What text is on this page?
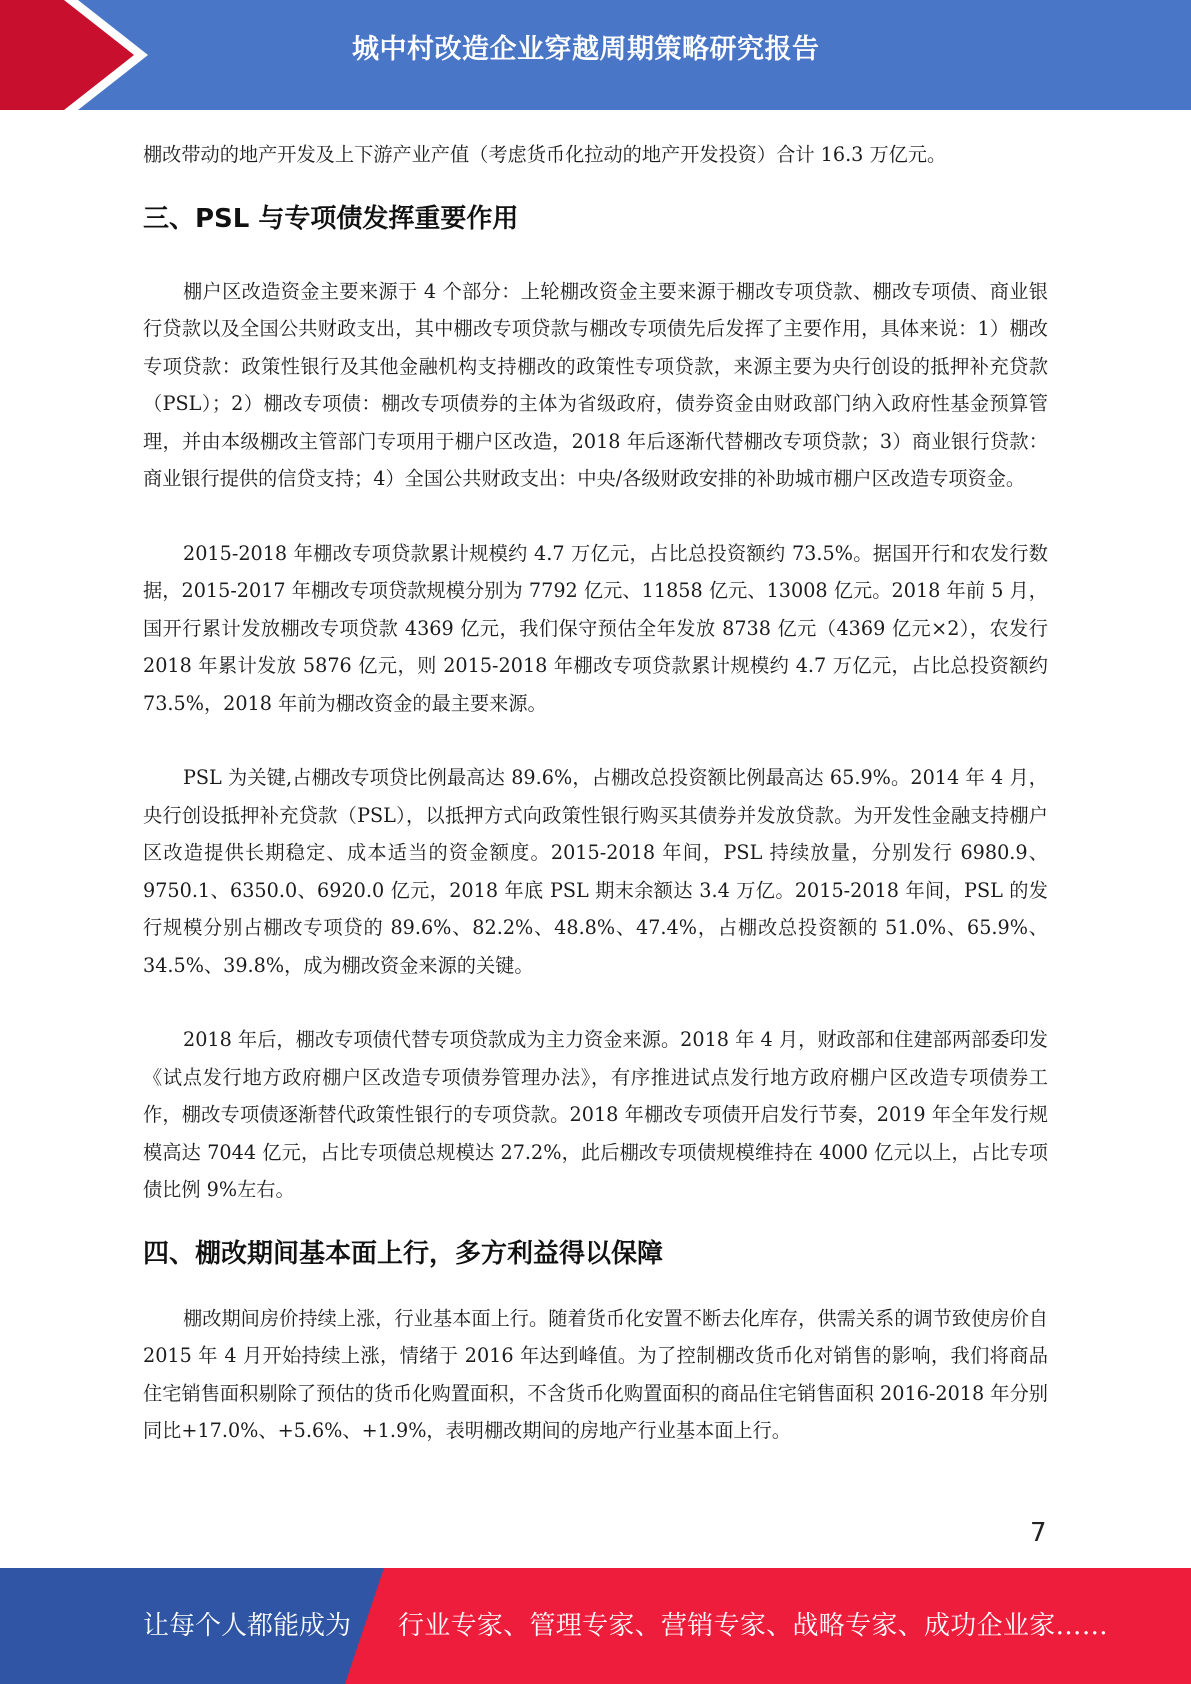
城中村改造企业穿越周期策略研究报告

棚改带动的地产开发及上下游产业产值（考虑货币化拉动的地产开发投资）合计 16.3 万亿元。

三、PSL 与专项债发挥重要作用

棚户区改造资金主要来源于 4 个部分：上轮棚改资金主要来源于棚改专项贷款、棚改专项债、商业银行贷款以及全国公共财政支出，其中棚改专项贷款与棚改专项债先后发挥了主要作用，具体来说：1）棚改专项贷款：政策性银行及其他金融机构支持棚改的政策性专项贷款，来源主要为央行创设的抵押补充贷款（PSL）；2）棚改专项债：棚改专项债券的主体为省级政府，债券资金由财政部门纳入政府性基金预算管理，并由本级棚改主管部门专项用于棚户区改造，2018 年后逐渐代替棚改专项贷款；3）商业银行贷款：商业银行提供的信贷支持；4）全国公共财政支出：中央/各级财政安排的补助城市棚户区改造专项资金。

2015-2018 年棚改专项贷款累计规模约 4.7 万亿元，占比总投资额约 73.5%。据国开行和农发行数据，2015-2017 年棚改专项贷款规模分别为 7792 亿元、11858 亿元、13008 亿元。2018 年前 5 月，国开行累计发放棚改专项贷款 4369 亿元，我们保守预估全年发放 8738 亿元（4369 亿元×2），农发行 2018 年累计发放 5876 亿元，则 2015-2018 年棚改专项贷款累计规模约 4.7 万亿元，占比总投资额约 73.5%，2018 年前为棚改资金的最主要来源。

PSL 为关键,占棚改专项贷比例最高达 89.6%，占棚改总投资额比例最高达 65.9%。2014 年 4 月，央行创设抵押补充贷款（PSL），以抵押方式向政策性银行购买其债券并发放贷款。为开发性金融支持棚户区改造提供长期稳定、成本适当的资金额度。2015-2018 年间，PSL 持续放量，分别发行 6980.9、9750.1、6350.0、6920.0 亿元，2018 年底 PSL 期末余额达 3.4 万亿。2015-2018 年间，PSL 的发行规模分别占棚改专项贷的 89.6%、82.2%、48.8%、47.4%，占棚改总投资额的 51.0%、65.9%、34.5%、39.8%，成为棚改资金来源的关键。

2018 年后，棚改专项债代替专项贷款成为主力资金来源。2018 年 4 月，财政部和住建部两部委印发《试点发行地方政府棚户区改造专项债券管理办法》，有序推进试点发行地方政府棚户区改造专项债券工作，棚改专项债逐渐替代政策性银行的专项贷款。2018 年棚改专项债开启发行节奏，2019 年全年发行规模高达 7044 亿元，占比专项债总规模达 27.2%，此后棚改专项债规模维持在 4000 亿元以上，占比专项债比例 9%左右。

四、棚改期间基本面上行，多方利益得以保障

棚改期间房价持续上涨，行业基本面上行。随着货币化安置不断去化库存，供需关系的调节致使房价自 2015 年 4 月开始持续上涨，情绪于 2016 年达到峰值。为了控制棚改货币化对销售的影响，我们将商品住宅销售面积剔除了预估的货币化购置面积，不含货币化购置面积的商品住宅销售面积 2016-2018 年分别同比+17.0%、+5.6%、+1.9%，表明棚改期间的房地产行业基本面上行。

7
让每个人都能成为 行业专家、管理专家、营销专家、战略专家、成功企业家……
